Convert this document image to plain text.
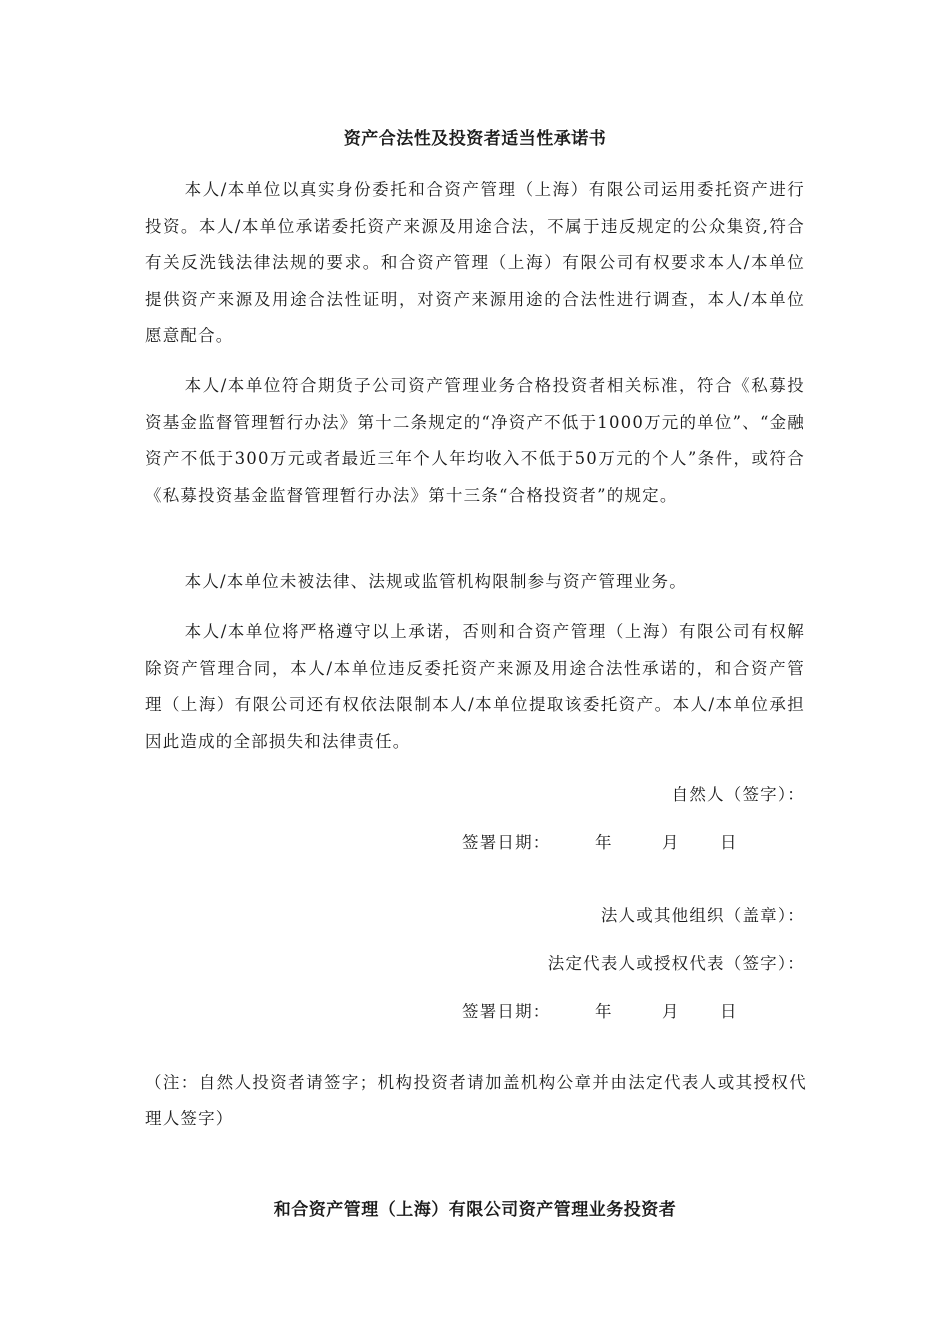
资产合法性及投资者适当性承诺书

本人/本单位以真实身份委托和合资产管理（上海）有限公司运用委托资产进行投资。本人/本单位承诺委托资产来源及用途合法，不属于违反规定的公众集资,符合有关反洗钱法律法规的要求。和合资产管理（上海）有限公司有权要求本人/本单位提供资产来源及用途合法性证明，对资产来源用途的合法性进行调查，本人/本单位愿意配合。

本人/本单位符合期货子公司资产管理业务合格投资者相关标准，符合《私募投资基金监督管理暂行办法》第十二条规定的“净资产不低于1000万元的单位”、“金融资产不低于300万元或者最近三年个人年均收入不低于50万元的个人”条件，或符合《私募投资基金监督管理暂行办法》第十三条“合格投资者”的规定。

本人/本单位未被法律、法规或监管机构限制参与资产管理业务。

本人/本单位将严格遵守以上承诺，否则和合资产管理（上海）有限公司有权解除资产管理合同，本人/本单位违反委托资产来源及用途合法性承诺的，和合资产管理（上海）有限公司还有权依法限制本人/本单位提取该委托资产。本人/本单位承担因此造成的全部损失和法律责任。

自然人（签字）：
签署日期：	年	月 日
法人或其他组织（盖章）：
法定代表人或授权代表（签字）：
签署日期：	年	月 日

（注：自然人投资者请签字；机构投资者请加盖机构公章并由法定代表人或其授权代理人签字）

和合资产管理（上海）有限公司资产管理业务投资者
